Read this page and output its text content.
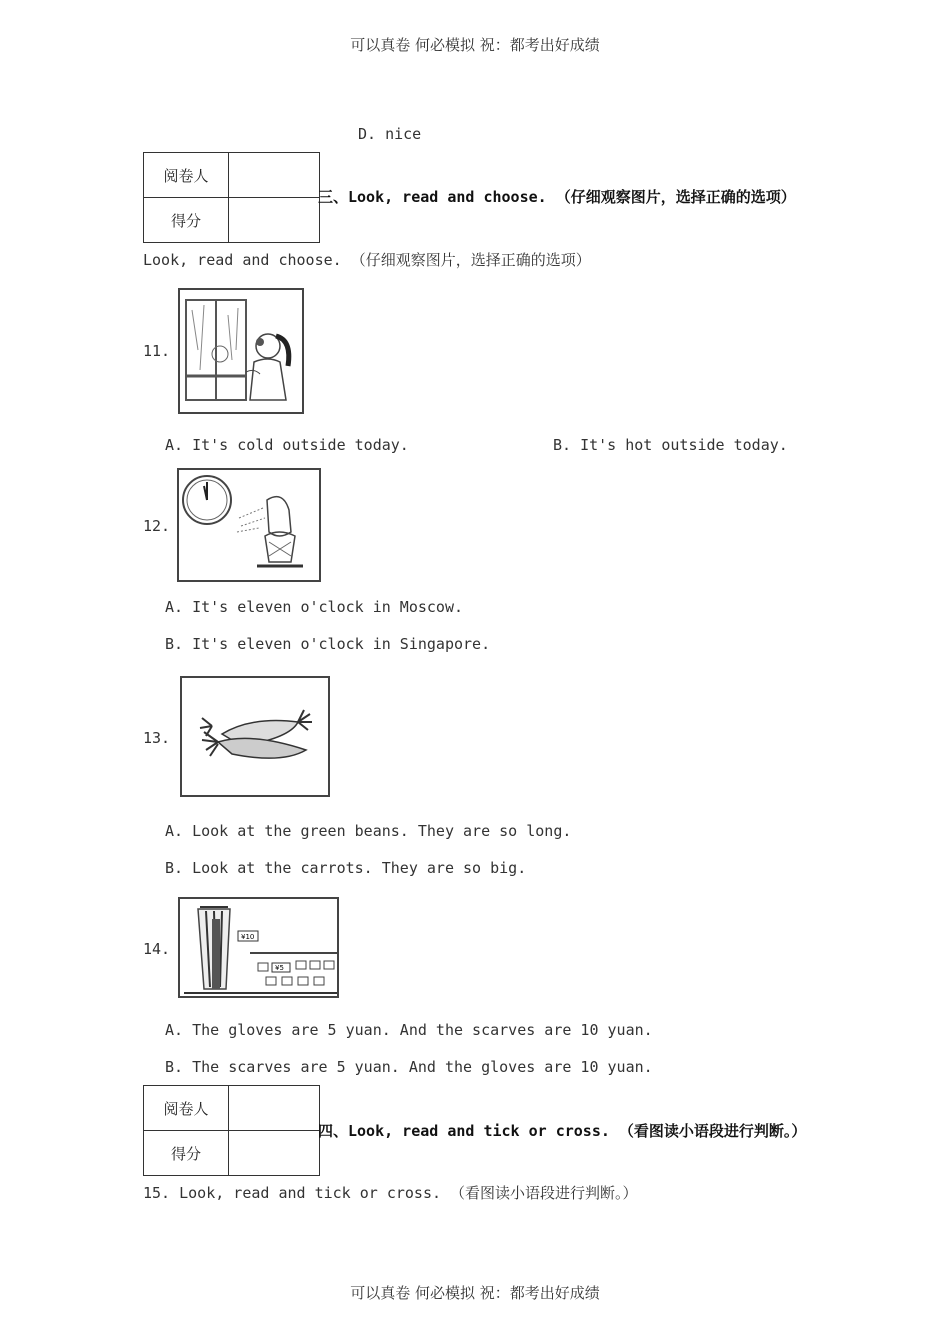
可以真卷 何必模拟 祝：都考出好成绩
D. nice
阅卷人	
得分	
三、Look, read and choose. （仔细观察图片，选择正确的选项）
Look, read and choose. （仔细观察图片，选择正确的选项）
11.
A. It's cold outside today.	B. It's hot outside today.
12.
A. It's eleven o'clock in Moscow.
B. It's eleven o'clock in Singapore.
13.
A. Look at the green beans. They are so long.
B. Look at the carrots. They are so big.
14.
¥10
¥5
A. The gloves are 5 yuan. And the scarves are 10 yuan.
B. The scarves are 5 yuan. And the gloves are 10 yuan.
阅卷人	
得分	
四、Look, read and tick or cross. （看图读小语段进行判断。）
15. Look, read and tick or cross. （看图读小语段进行判断。）
可以真卷 何必模拟 祝：都考出好成绩
